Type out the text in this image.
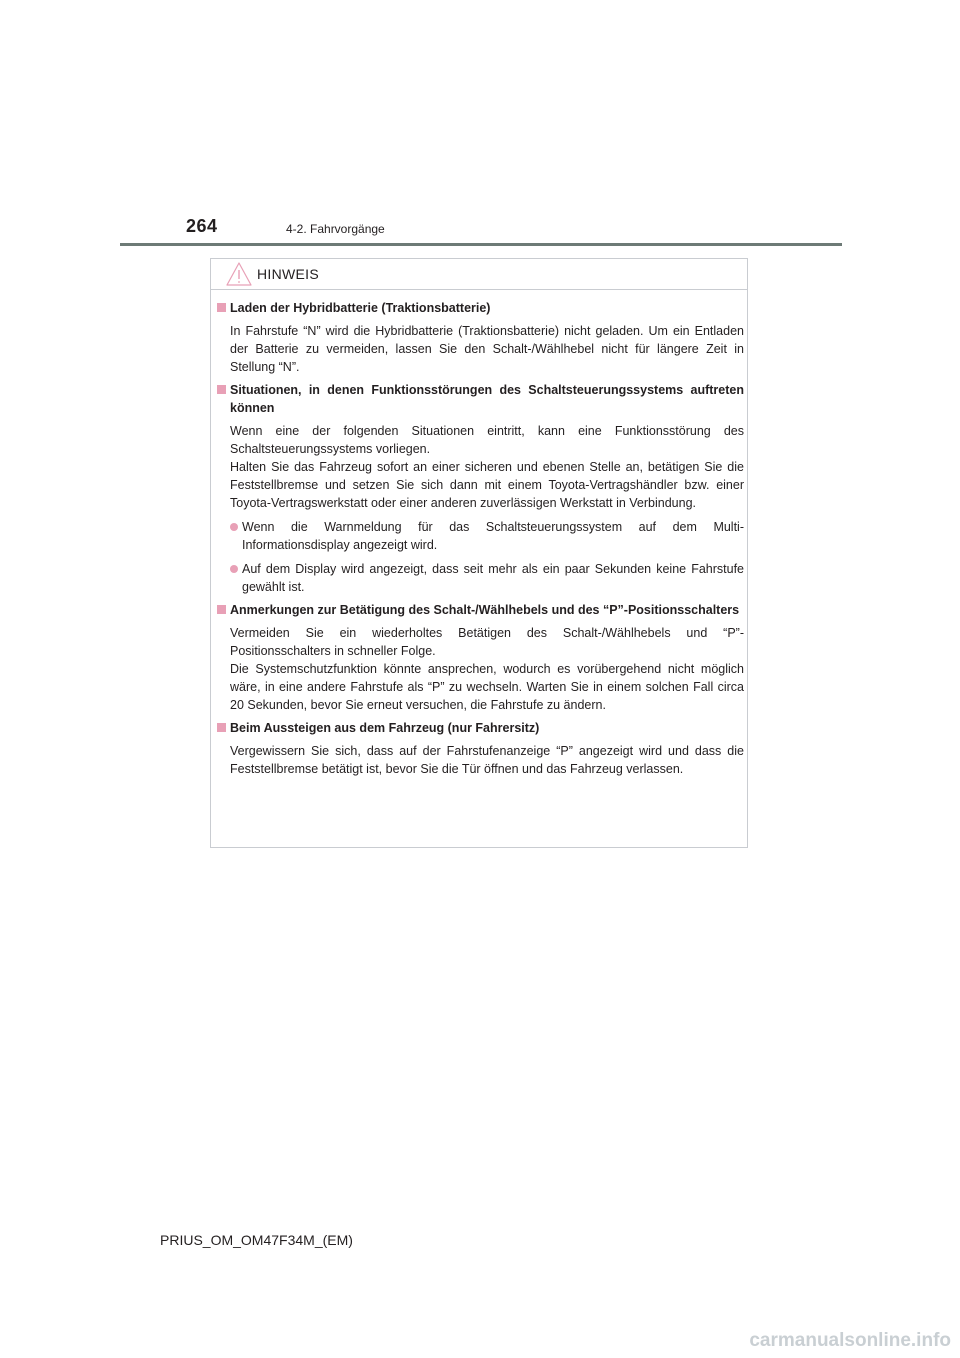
264	4-2. Fahrvorgänge
HINWEIS
Laden der Hybridbatterie (Traktionsbatterie)
In Fahrstufe “N” wird die Hybridbatterie (Traktionsbatterie) nicht geladen. Um ein Entladen der Batterie zu vermeiden, lassen Sie den Schalt-/Wählhebel nicht für längere Zeit in Stellung “N”.
Situationen, in denen Funktionsstörungen des Schaltsteuerungssystems auftreten können
Wenn eine der folgenden Situationen eintritt, kann eine Funktionsstörung des Schaltsteuerungssystems vorliegen.
Halten Sie das Fahrzeug sofort an einer sicheren und ebenen Stelle an, betätigen Sie die Feststellbremse und setzen Sie sich dann mit einem Toyota-Vertragshändler bzw. einer Toyota-Vertragswerkstatt oder einer anderen zuverlässigen Werkstatt in Verbindung.
Wenn die Warnmeldung für das Schaltsteuerungssystem auf dem Multi-Informationsdisplay angezeigt wird.
Auf dem Display wird angezeigt, dass seit mehr als ein paar Sekunden keine Fahrstufe gewählt ist.
Anmerkungen zur Betätigung des Schalt-/Wählhebels und des “P”-Positionsschalters
Vermeiden Sie ein wiederholtes Betätigen des Schalt-/Wählhebels und “P”-Positionsschalters in schneller Folge.
Die Systemschutzfunktion könnte ansprechen, wodurch es vorübergehend nicht möglich wäre, in eine andere Fahrstufe als “P” zu wechseln. Warten Sie in einem solchen Fall circa 20 Sekunden, bevor Sie erneut versuchen, die Fahrstufe zu ändern.
Beim Aussteigen aus dem Fahrzeug (nur Fahrersitz)
Vergewissern Sie sich, dass auf der Fahrstufenanzeige “P” angezeigt wird und dass die Feststellbremse betätigt ist, bevor Sie die Tür öffnen und das Fahrzeug verlassen.
PRIUS_OM_OM47F34M_(EM)
carmanualsonline.info
